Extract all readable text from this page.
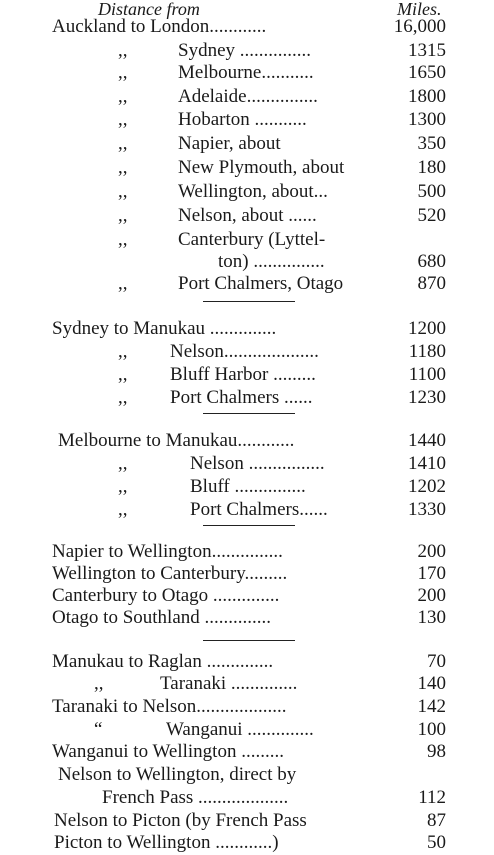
Distance from	Miles.
Auckland to London............	16,000
,,	Sydney ...............	1315
,,	Melbourne...........	1650
,,	Adelaide...............	1800
,,	Hobarton ...........	1300
,,	Napier, about	350
,,	New Plymouth, about	180
,,	Wellington, about...	500
,,	Nelson, about ......	520
,,	Canterbury (Lyttel-
ton) ...............	680
,,	Port Chalmers, Otago	870
Sydney to Manukau ..............	1200
,, Nelson....................	1180
,, Bluff Harbor .........	1100
,, Port Chalmers ......	1230
Melbourne to Manukau............	1440
,,	Nelson ................	1410
,,	Bluff ...............	1202
,,	Port Chalmers......	1330
Napier to Wellington...............	200
Wellington to Canterbury.........	170
Canterbury to Otago ..............	200
Otago to Southland ..............	130
Manukau to Raglan ..............	70
,,	Taranaki ..............	140
Taranaki to Nelson...................	142
“	Wanganui ..............	100
Wanganui to Wellington .........	98
Nelson to Wellington, direct by
French Pass ...................	112
Nelson to Picton (by French Pass	87
Picton to Wellington ............)	50
